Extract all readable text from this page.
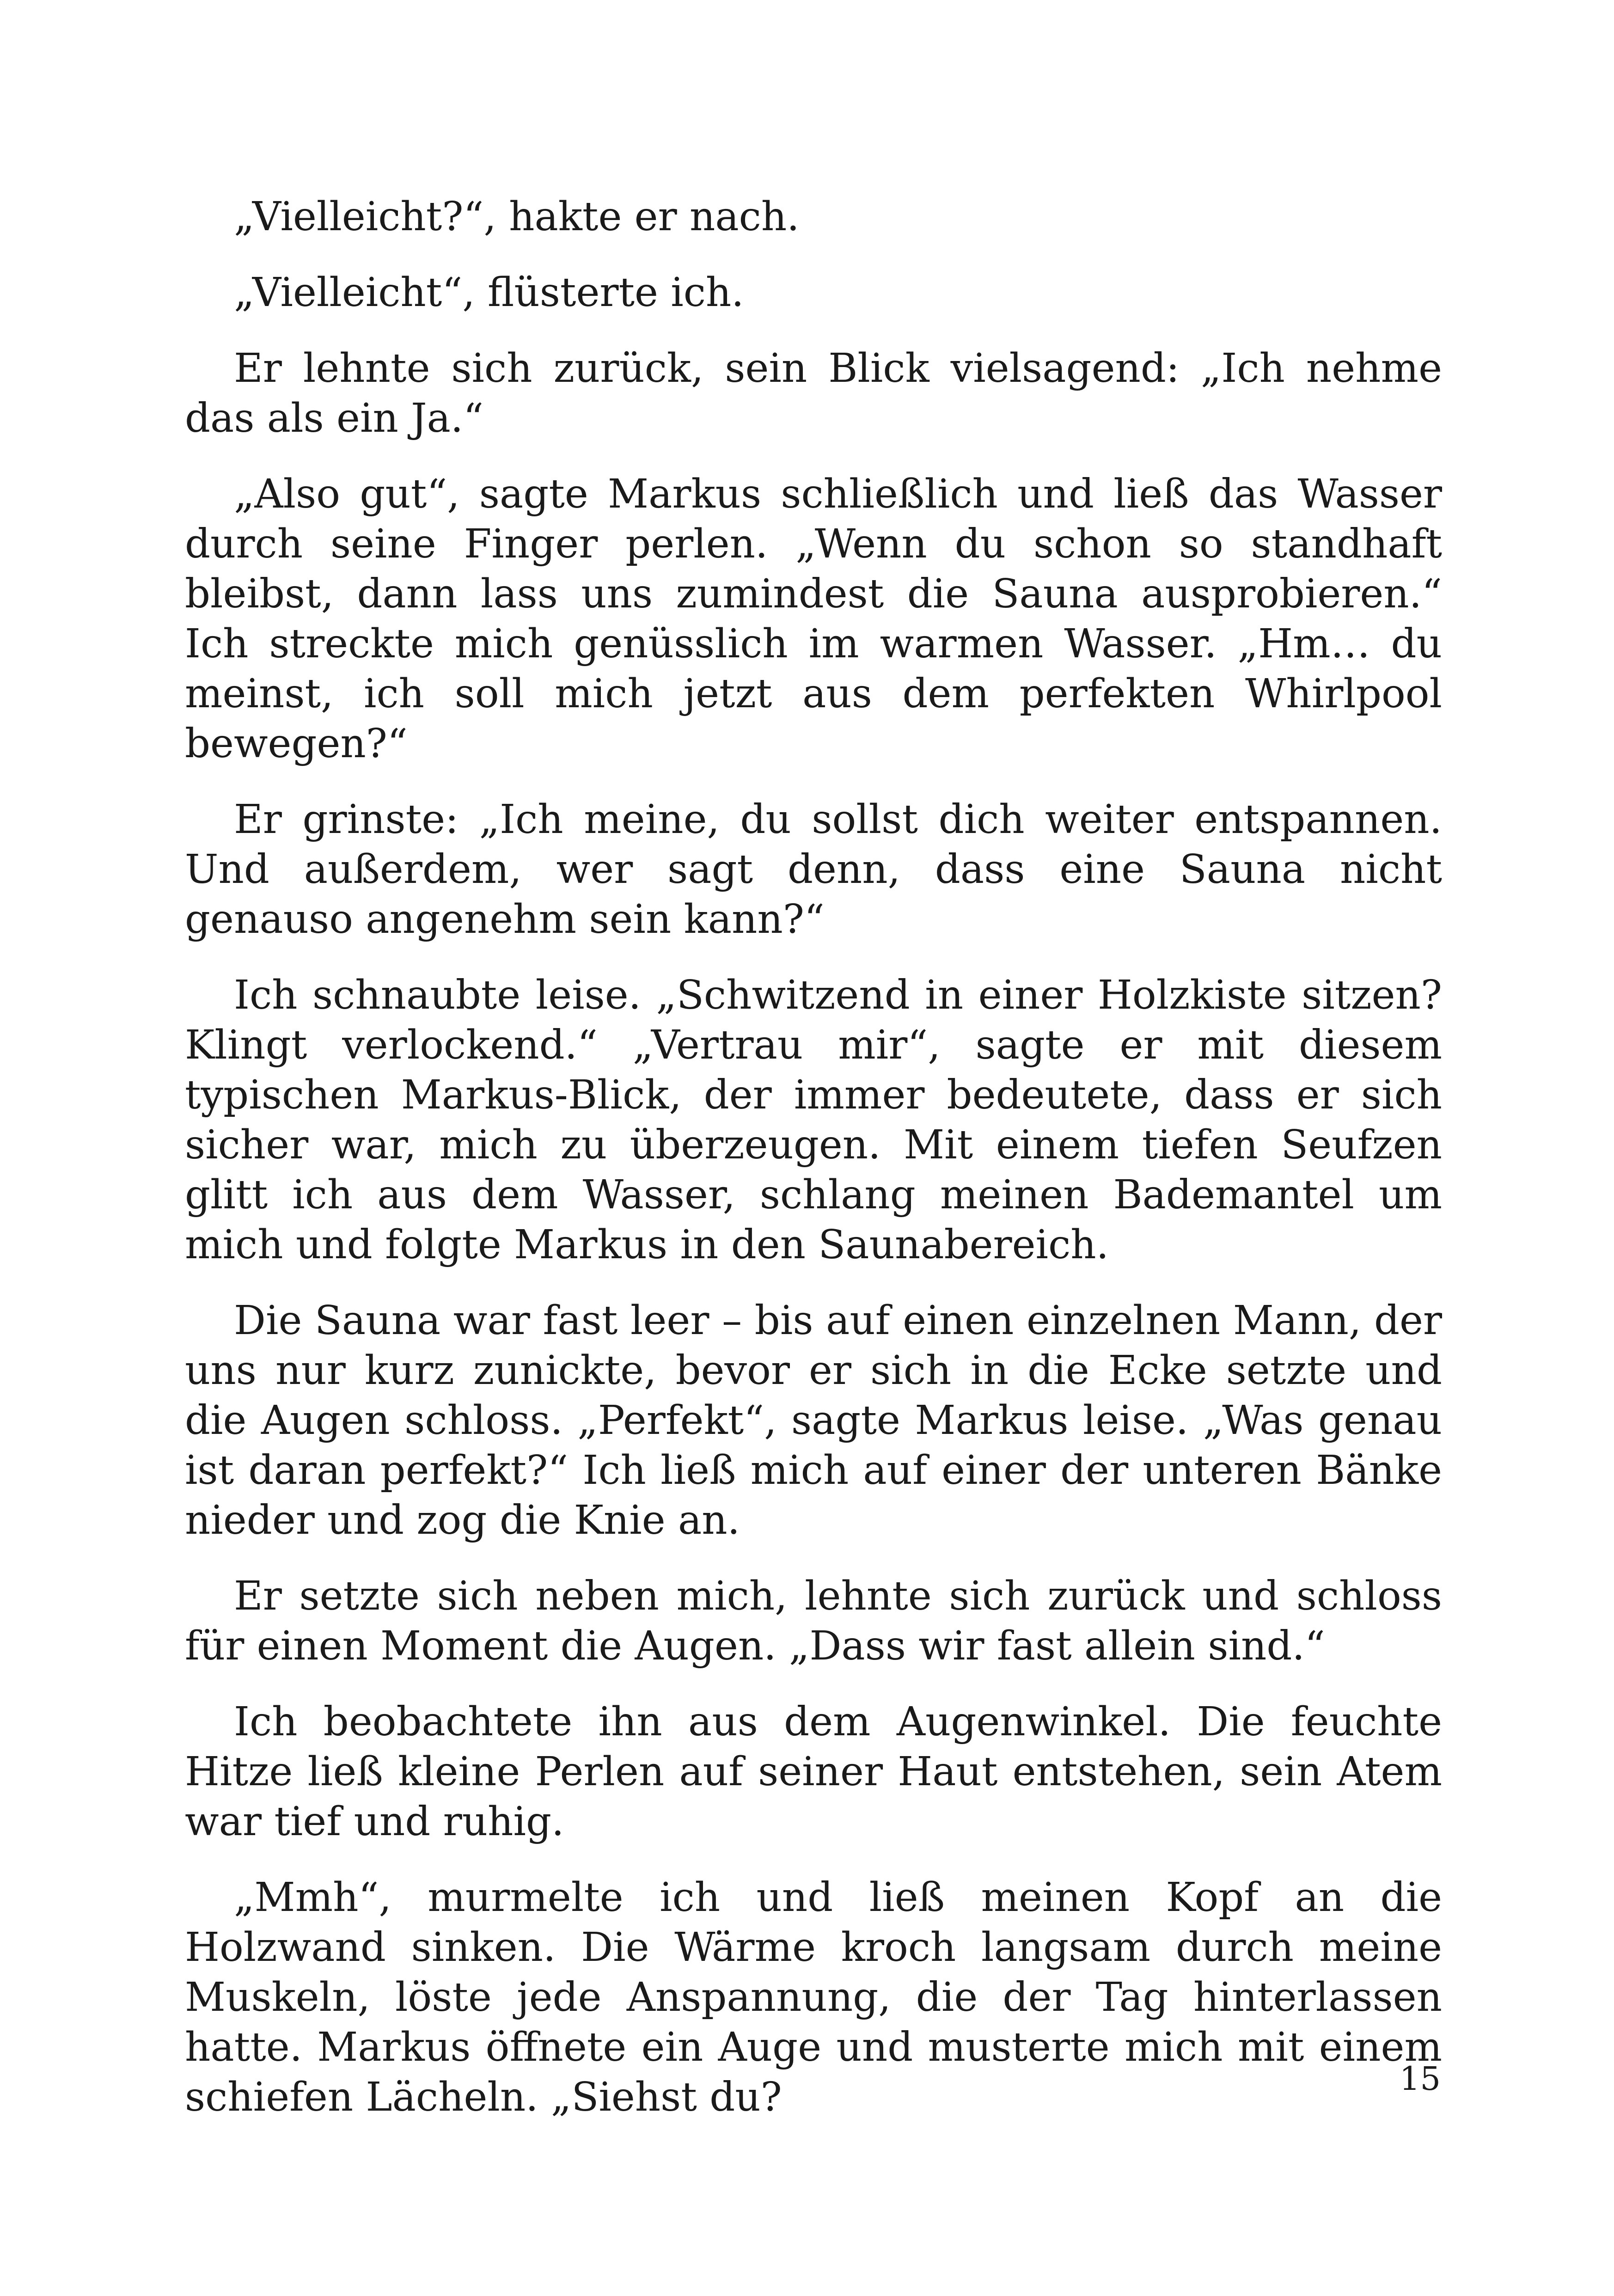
„Vielleicht?“, hakte er nach.

„Vielleicht“, flüsterte ich.

Er lehnte sich zurück, sein Blick vielsagend: „Ich nehme das als ein Ja.“

„Also gut“, sagte Markus schließlich und ließ das Wasser durch seine Finger perlen. „Wenn du schon so standhaft bleibst, dann lass uns zumindest die Sauna ausprobieren.“ Ich streckte mich genüsslich im warmen Wasser. „Hm… du meinst, ich soll mich jetzt aus dem perfekten Whirlpool bewegen?“

Er grinste: „Ich meine, du sollst dich weiter entspannen. Und außerdem, wer sagt denn, dass eine Sauna nicht genauso angenehm sein kann?“

Ich schnaubte leise. „Schwitzend in einer Holzkiste sitzen? Klingt verlockend.“ „Vertrau mir“, sagte er mit diesem typischen Markus-Blick, der immer bedeutete, dass er sich sicher war, mich zu überzeugen. Mit einem tiefen Seufzen glitt ich aus dem Wasser, schlang meinen Bademantel um mich und folgte Markus in den Saunabereich.

Die Sauna war fast leer – bis auf einen einzelnen Mann, der uns nur kurz zunickte, bevor er sich in die Ecke setzte und die Augen schloss. „Perfekt“, sagte Markus leise. „Was genau ist daran perfekt?“ Ich ließ mich auf einer der unteren Bänke nieder und zog die Knie an.

Er setzte sich neben mich, lehnte sich zurück und schloss für einen Moment die Augen. „Dass wir fast allein sind.“

Ich beobachtete ihn aus dem Augenwinkel. Die feuchte Hitze ließ kleine Perlen auf seiner Haut entstehen, sein Atem war tief und ruhig.

„Mmh“, murmelte ich und ließ meinen Kopf an die Holzwand sinken. Die Wärme kroch langsam durch meine Muskeln, löste jede Anspannung, die der Tag hinterlassen hatte. Markus öffnete ein Auge und musterte mich mit einem schiefen Lächeln. „Siehst du?	15
